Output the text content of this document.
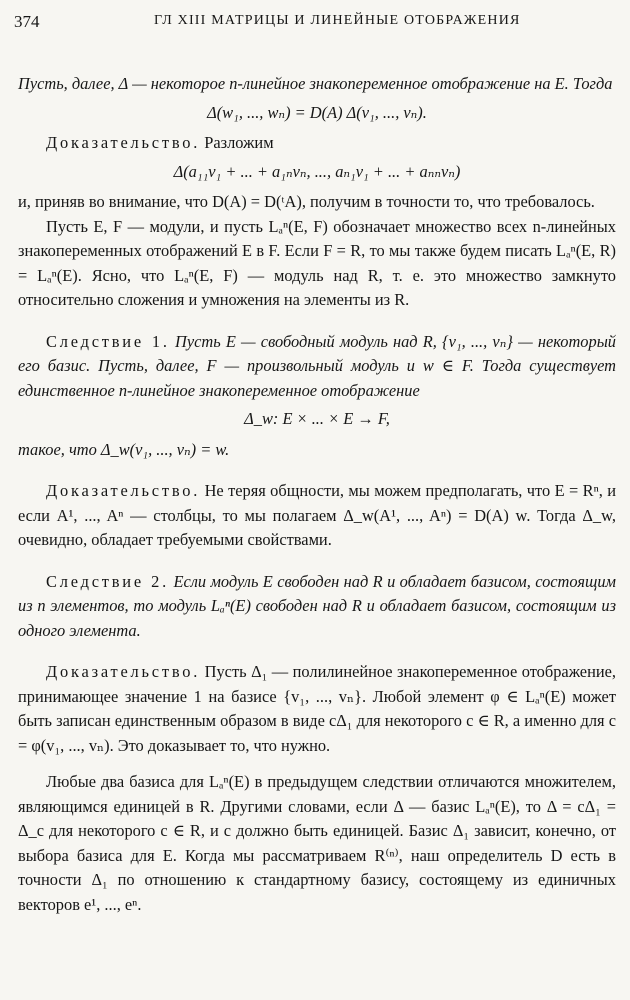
374	ГЛ XIII МАТРИЦЫ И ЛИНЕЙНЫЕ ОТОБРАЖЕНИЯ

Пусть, далее, Δ — некоторое n-линейное знакопеременное отображение на E. Тогда

Δ(w₁, ..., wₙ) = D(A) Δ(v₁, ..., vₙ).

Доказательство. Разложим

Δ(a₁₁v₁ + ... + a₁ₙvₙ, ..., aₙ₁v₁ + ... + aₙₙvₙ)

и, приняв во внимание, что D(A) = D(ᵗA), получим в точности то, что требовалось.

Пусть E, F — модули, и пусть Lₐⁿ(E, F) обозначает множество всех n-линейных знакопеременных отображений E в F. Если F = R, то мы также будем писать Lₐⁿ(E, R) = Lₐⁿ(E). Ясно, что Lₐⁿ(E, F) — модуль над R, т. е. это множество замкнуто относительно сложения и умножения на элементы из R.

Следствие 1. Пусть E — свободный модуль над R, {v₁, ..., vₙ} — некоторый его базис. Пусть, далее, F — произвольный модуль и w ∈ F. Тогда существует единственное n-линейное знакопеременное отображение

Δ_w: E × ... × E → F,

такое, что Δ_w(v₁, ..., vₙ) = w.

Доказательство. Не теряя общности, мы можем предполагать, что E = Rⁿ, и если A¹, ..., Aⁿ — столбцы, то мы полагаем Δ_w(A¹, ..., Aⁿ) = D(A) w. Тогда Δ_w, очевидно, обладает требуемыми свойствами.

Следствие 2. Если модуль E свободен над R и обладает базисом, состоящим из n элементов, то модуль Lₐⁿ(E) свободен над R и обладает базисом, состоящим из одного элемента.

Доказательство. Пусть Δ₁ — полилинейное знакопеременное отображение, принимающее значение 1 на базисе {v₁, ..., vₙ}. Любой элемент φ ∈ Lₐⁿ(E) может быть записан единственным образом в виде cΔ₁ для некоторого c ∈ R, а именно для c = φ(v₁, ..., vₙ). Это доказывает то, что нужно.

Любые два базиса для Lₐⁿ(E) в предыдущем следствии отличаются множителем, являющимся единицей в R. Другими словами, если Δ — базис Lₐⁿ(E), то Δ = cΔ₁ = Δ_c для некоторого c ∈ R, и c должно быть единицей. Базис Δ₁ зависит, конечно, от выбора базиса для E. Когда мы рассматриваем R⁽ⁿ⁾, наш определитель D есть в точности Δ₁ по отношению к стандартному базису, состоящему из единичных векторов e¹, ..., eⁿ.
